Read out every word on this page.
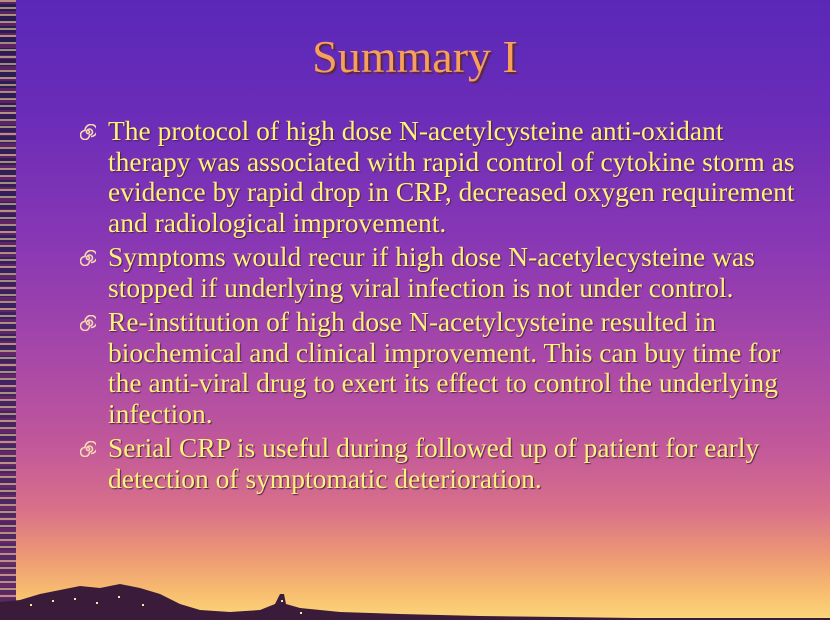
Summary I
The protocol of high dose N-acetylcysteine anti-oxidant therapy was associated with rapid control of cytokine storm as evidence by rapid drop in CRP, decreased oxygen requirement and radiological improvement.
Symptoms would recur if high dose N-acetylecysteine was stopped if underlying viral infection is not under control.
Re-institution of high dose N-acetylcysteine resulted in biochemical and clinical improvement. This can buy time for the anti-viral drug to exert its effect to control the underlying infection.
Serial CRP is useful during followed up of patient for early detection of symptomatic deterioration.
